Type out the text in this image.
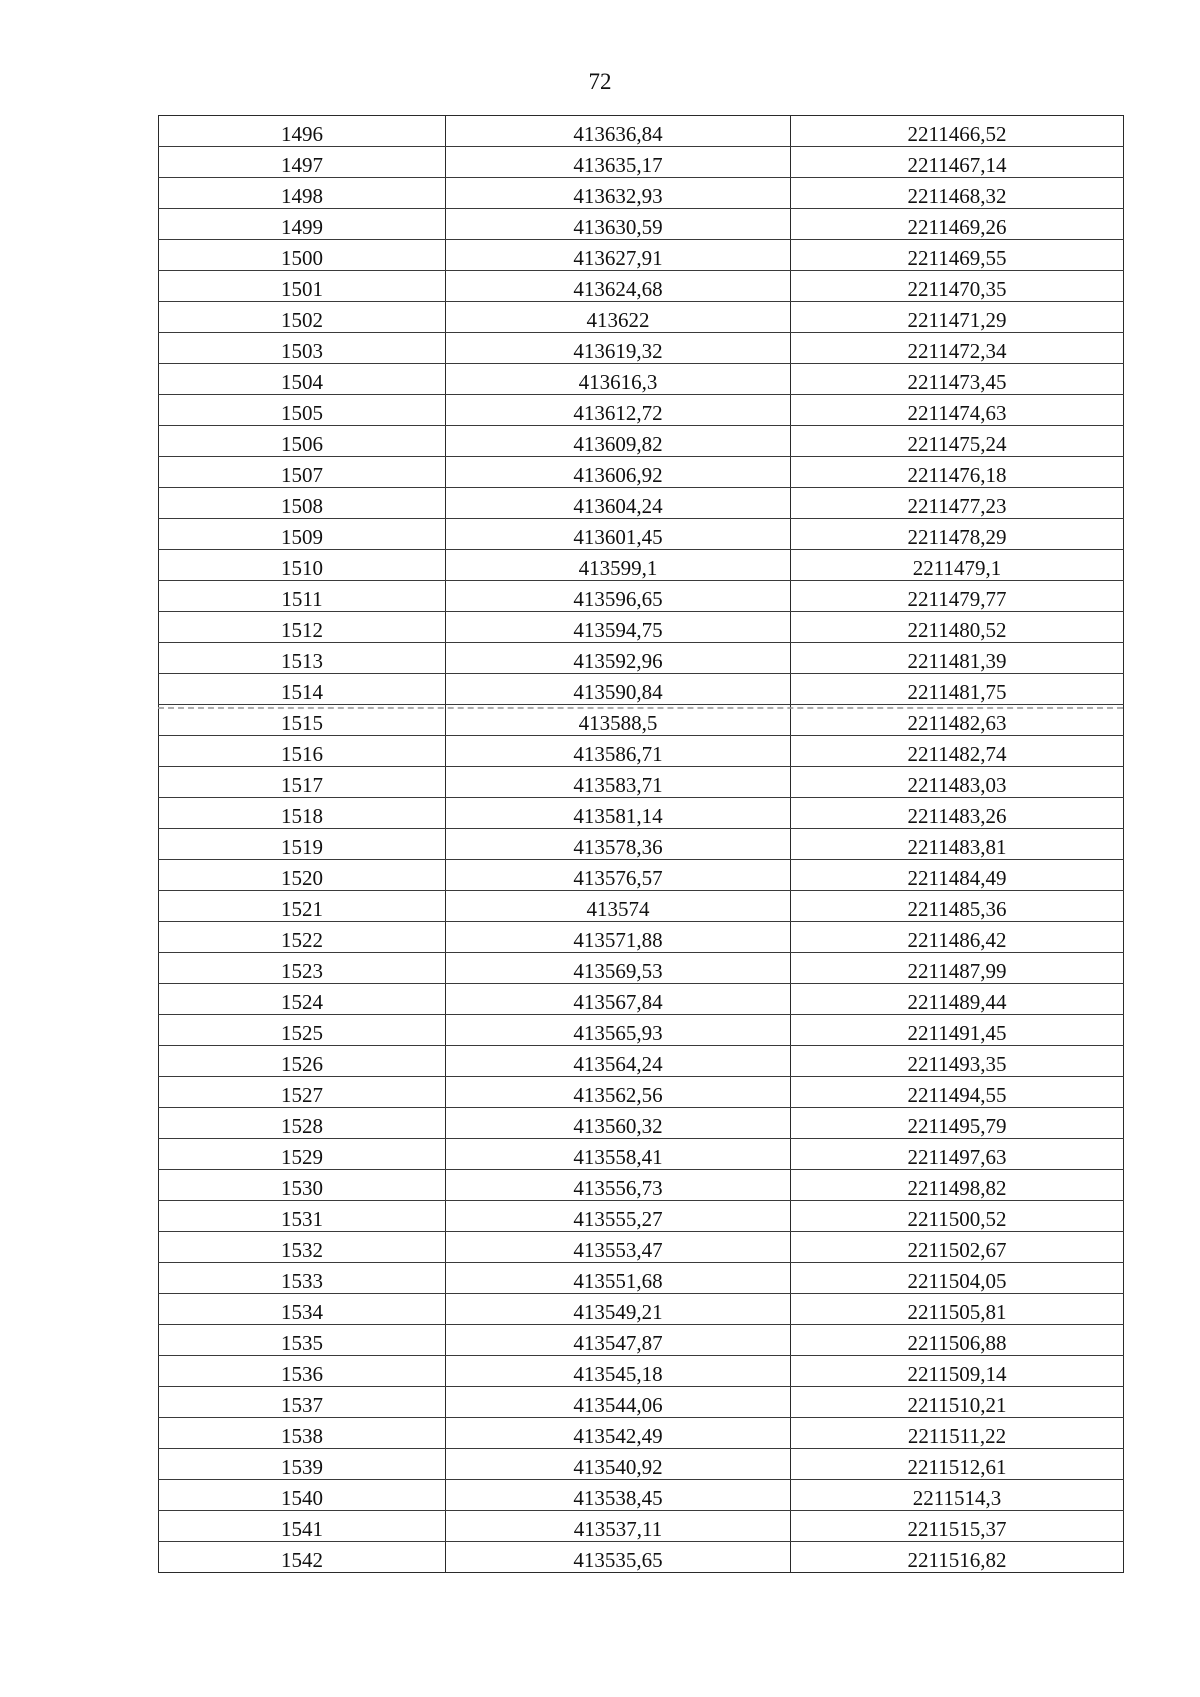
72
1496	413636,84	2211466,52
1497	413635,17	2211467,14
1498	413632,93	2211468,32
1499	413630,59	2211469,26
1500	413627,91	2211469,55
1501	413624,68	2211470,35
1502	413622	2211471,29
1503	413619,32	2211472,34
1504	413616,3	2211473,45
1505	413612,72	2211474,63
1506	413609,82	2211475,24
1507	413606,92	2211476,18
1508	413604,24	2211477,23
1509	413601,45	2211478,29
1510	413599,1	2211479,1
1511	413596,65	2211479,77
1512	413594,75	2211480,52
1513	413592,96	2211481,39
1514	413590,84	2211481,75
1515	413588,5	2211482,63
1516	413586,71	2211482,74
1517	413583,71	2211483,03
1518	413581,14	2211483,26
1519	413578,36	2211483,81
1520	413576,57	2211484,49
1521	413574	2211485,36
1522	413571,88	2211486,42
1523	413569,53	2211487,99
1524	413567,84	2211489,44
1525	413565,93	2211491,45
1526	413564,24	2211493,35
1527	413562,56	2211494,55
1528	413560,32	2211495,79
1529	413558,41	2211497,63
1530	413556,73	2211498,82
1531	413555,27	2211500,52
1532	413553,47	2211502,67
1533	413551,68	2211504,05
1534	413549,21	2211505,81
1535	413547,87	2211506,88
1536	413545,18	2211509,14
1537	413544,06	2211510,21
1538	413542,49	2211511,22
1539	413540,92	2211512,61
1540	413538,45	2211514,3
1541	413537,11	2211515,37
1542	413535,65	2211516,82
